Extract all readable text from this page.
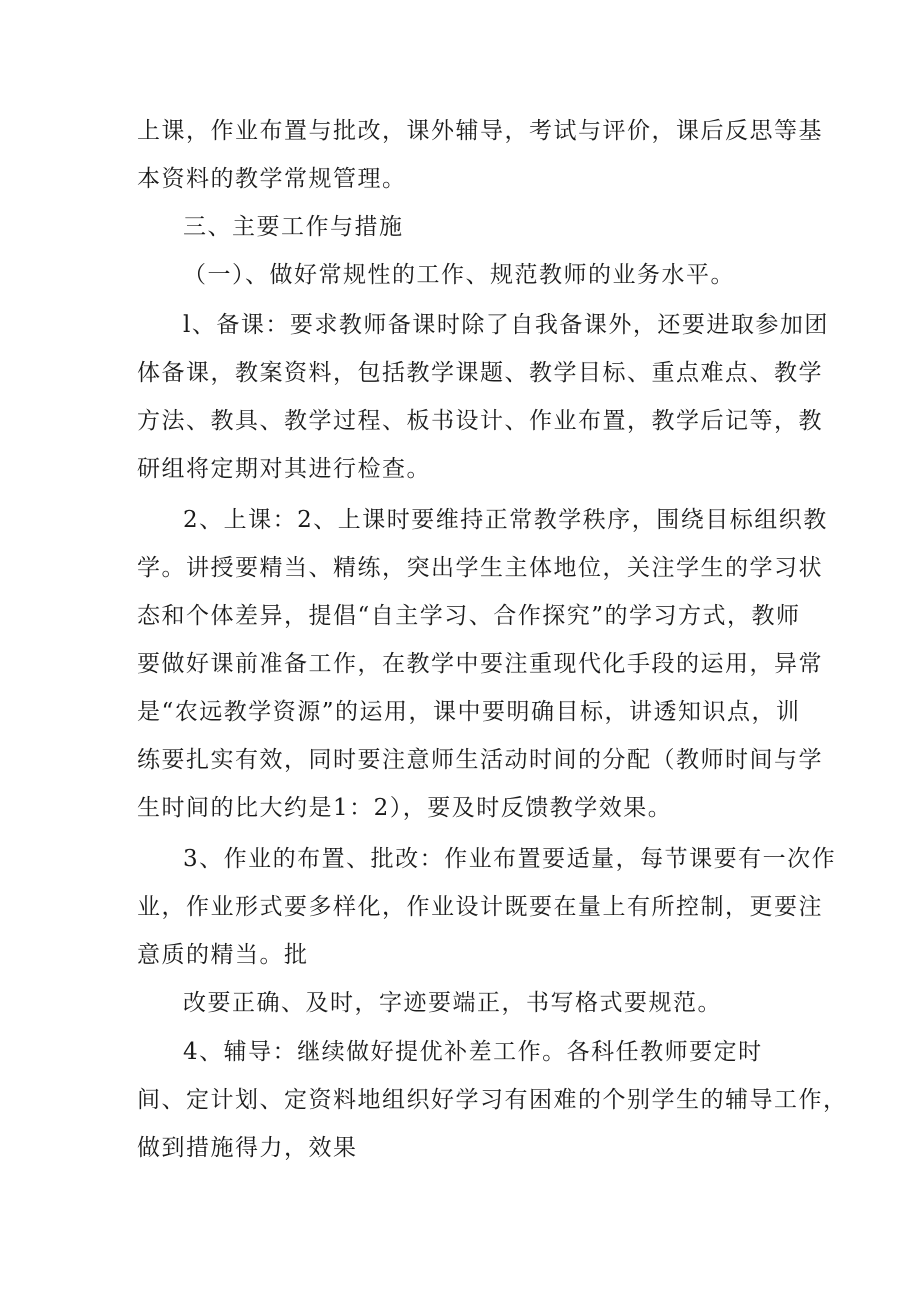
上课，作业布置与批改，课外辅导，考试与评价，课后反思等基

本资料的教学常规管理。

三、主要工作与措施

（一）、做好常规性的工作、规范教师的业务水平。

l、备课：要求教师备课时除了自我备课外，还要进取参加团

体备课，教案资料，包括教学课题、教学目标、重点难点、教学

方法、教具、教学过程、板书设计、作业布置，教学后记等，教

研组将定期对其进行检查。

2、上课：2、上课时要维持正常教学秩序，围绕目标组织教

学。讲授要精当、精练，突出学生主体地位，关注学生的学习状

态和个体差异，提倡“自主学习、合作探究”的学习方式，教师

要做好课前准备工作，在教学中要注重现代化手段的运用，异常

是“农远教学资源”的运用，课中要明确目标，讲透知识点，训

练要扎实有效，同时要注意师生活动时间的分配（教师时间与学

生时间的比大约是1：2），要及时反馈教学效果。

3、作业的布置、批改：作业布置要适量，每节课要有一次作

业，作业形式要多样化，作业设计既要在量上有所控制，更要注

意质的精当。批

改要正确、及时，字迹要端正，书写格式要规范。

4、辅导：继续做好提优补差工作。各科任教师要定时

间、定计划、定资料地组织好学习有困难的个别学生的辅导工作，

做到措施得力，效果
